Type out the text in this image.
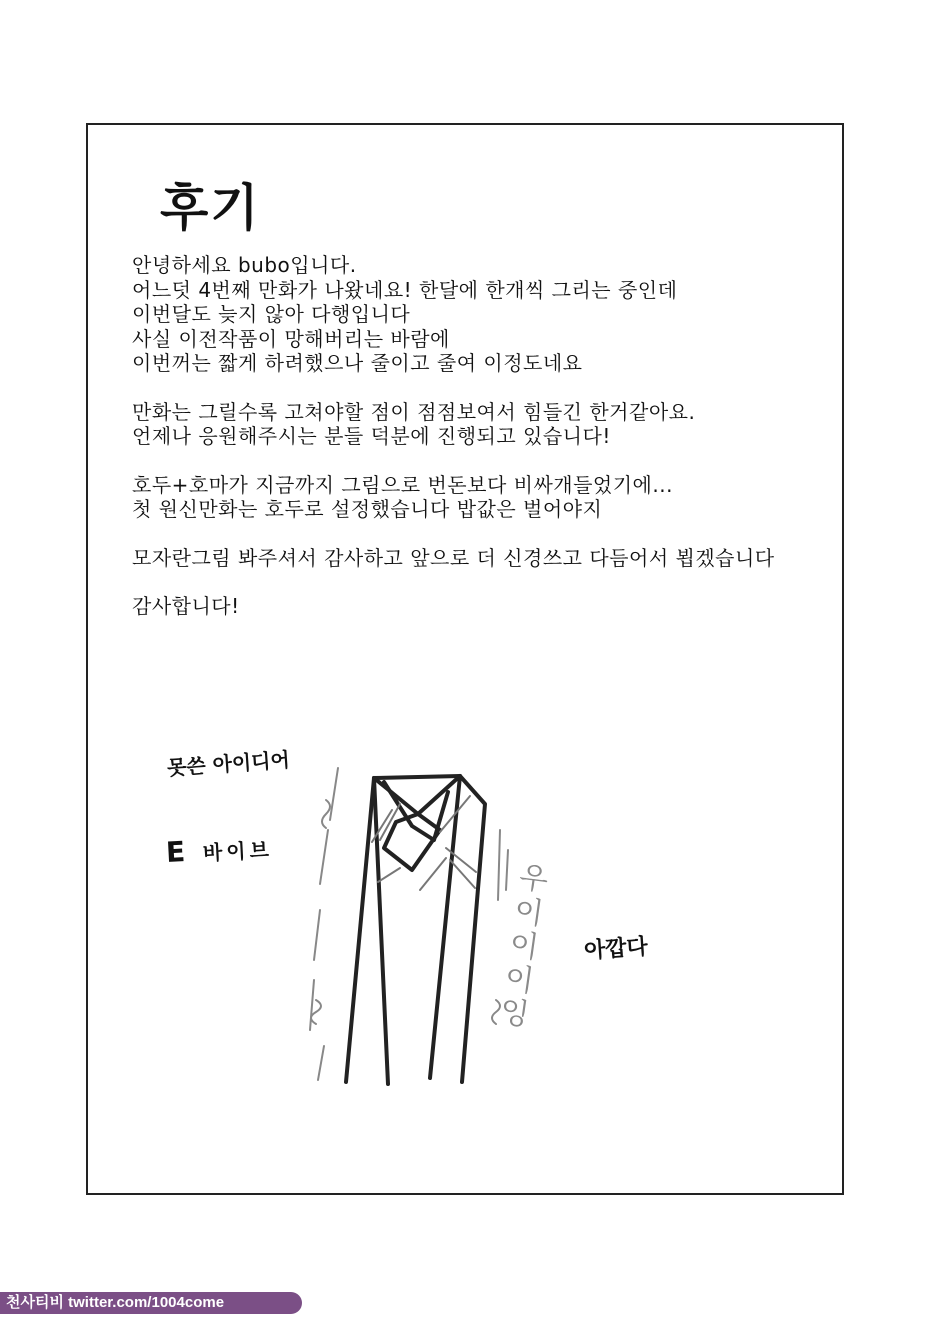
후기

안녕하세요 bubo입니다.

어느덧 4번째 만화가 나왔네요! 한달에 한개씩 그리는 중인데

이번달도 늦지 않아 다행입니다

사실 이전작품이 망해버리는 바람에

이번꺼는 짧게 하려했으나 줄이고 줄여 이정도네요

만화는 그릴수록 고쳐야할 점이 점점보여서 힘들긴 한거같아요.

언제나 응원해주시는 분들 덕분에 진행되고 있습니다!

호두+호마가 지금까지 그림으로 번돈보다 비싸개들었기에...

첫 원신만화는 호두로 설정했습니다 밥값은 벌어야지

모자란그림 봐주셔서 감사하고 앞으로 더 신경쓰고 다듬어서 뵙겠습니다

감사합니다!

못쓴 아이디어
E 바이브
아깝다
우
이
이
이
잉
천사티비 twitter.com/1004come
